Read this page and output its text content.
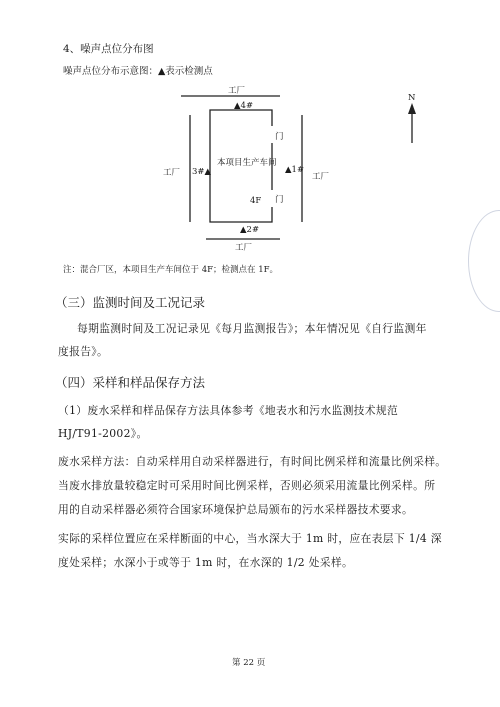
4、噪声点位分布图
噪声点位分布示意图：▲表示检测点
工厂
工厂	工厂
工厂
本项目生产车间
4F
门
门
▲4#
▲1#
3#▲
▲2#
N
注：混合厂区，本项目生产车间位于 4F；检测点在 1F。
（三）监测时间及工况记录
每期监测时间及工况记录见《每月监测报告》；本年情况见《自行监测年
度报告》。
（四）采样和样品保存方法
（1）废水采样和样品保存方法具体参考《地表水和污水监测技术规范
HJ/T91-2002》。
废水采样方法：自动采样用自动采样器进行，有时间比例采样和流量比例采样。
当废水排放量较稳定时可采用时间比例采样，否则必须采用流量比例采样。所
用的自动采样器必须符合国家环境保护总局颁布的污水采样器技术要求。
实际的采样位置应在采样断面的中心，当水深大于 1m 时，应在表层下 1/4 深
度处采样；水深小于或等于 1m 时，在水深的 1/2 处采样。
第 22 页
